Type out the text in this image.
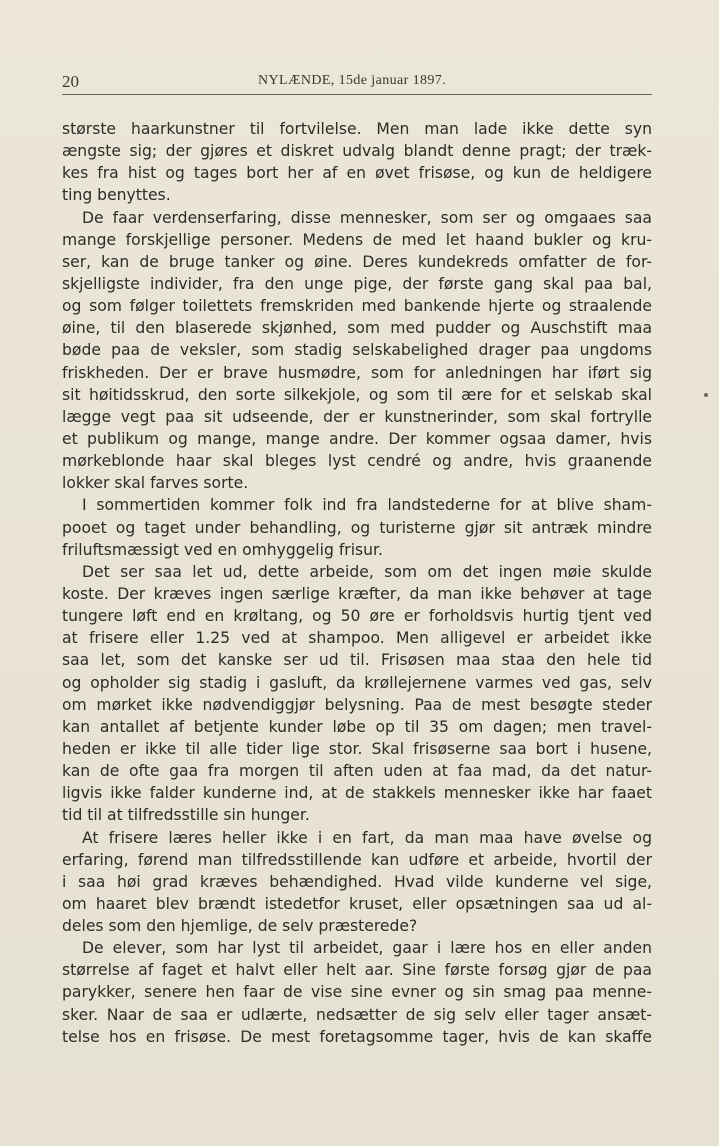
20	NYLÆNDE, 15de januar 1897.
største haarkunstner til fortvilelse. Men man lade ikke dette syn
ængste sig; der gjøres et diskret udvalg blandt denne pragt; der træk-
kes fra hist og tages bort her af en øvet frisøse, og kun de heldigere
ting benyttes.
De faar verdenserfaring, disse mennesker, som ser og omgaaes saa
mange forskjellige personer. Medens de med let haand bukler og kru-
ser, kan de bruge tanker og øine. Deres kundekreds omfatter de for-
skjelligste individer, fra den unge pige, der første gang skal paa bal,
og som følger toilettets fremskriden med bankende hjerte og straalende
øine, til den blaserede skjønhed, som med pudder og Auschstift maa
bøde paa de veksler, som stadig selskabelighed drager paa ungdoms
friskheden. Der er brave husmødre, som for anledningen har iført sig
sit høitidsskrud, den sorte silkekjole, og som til ære for et selskab skal
lægge vegt paa sit udseende, der er kunstnerinder, som skal fortrylle
et publikum og mange, mange andre. Der kommer ogsaa damer, hvis
mørkeblonde haar skal bleges lyst cendré og andre, hvis graanende
lokker skal farves sorte.
I sommertiden kommer folk ind fra landstederne for at blive sham-
pooet og taget under behandling, og turisterne gjør sit antræk mindre
friluftsmæssigt ved en omhyggelig frisur.
Det ser saa let ud, dette arbeide, som om det ingen møie skulde
koste. Der kræves ingen særlige kræfter, da man ikke behøver at tage
tungere løft end en krøltang, og 50 øre er forholdsvis hurtig tjent ved
at frisere eller 1.25 ved at shampoo. Men alligevel er arbeidet ikke
saa let, som det kanske ser ud til. Frisøsen maa staa den hele tid
og opholder sig stadig i gasluft, da krøllejernene varmes ved gas, selv
om mørket ikke nødvendiggjør belysning. Paa de mest besøgte steder
kan antallet af betjente kunder løbe op til 35 om dagen; men travel-
heden er ikke til alle tider lige stor. Skal frisøserne saa bort i husene,
kan de ofte gaa fra morgen til aften uden at faa mad, da det natur-
ligvis ikke falder kunderne ind, at de stakkels mennesker ikke har faaet
tid til at tilfredsstille sin hunger.
At frisere læres heller ikke i en fart, da man maa have øvelse og
erfaring, førend man tilfredsstillende kan udføre et arbeide, hvortil der
i saa høi grad kræves behændighed. Hvad vilde kunderne vel sige,
om haaret blev brændt istedetfor kruset, eller opsætningen saa ud al-
deles som den hjemlige, de selv præsterede?
De elever, som har lyst til arbeidet, gaar i lære hos en eller anden
størrelse af faget et halvt eller helt aar. Sine første forsøg gjør de paa
parykker, senere hen faar de vise sine evner og sin smag paa menne-
sker. Naar de saa er udlærte, nedsætter de sig selv eller tager ansæt-
telse hos en frisøse. De mest foretagsomme tager, hvis de kan skaffe
